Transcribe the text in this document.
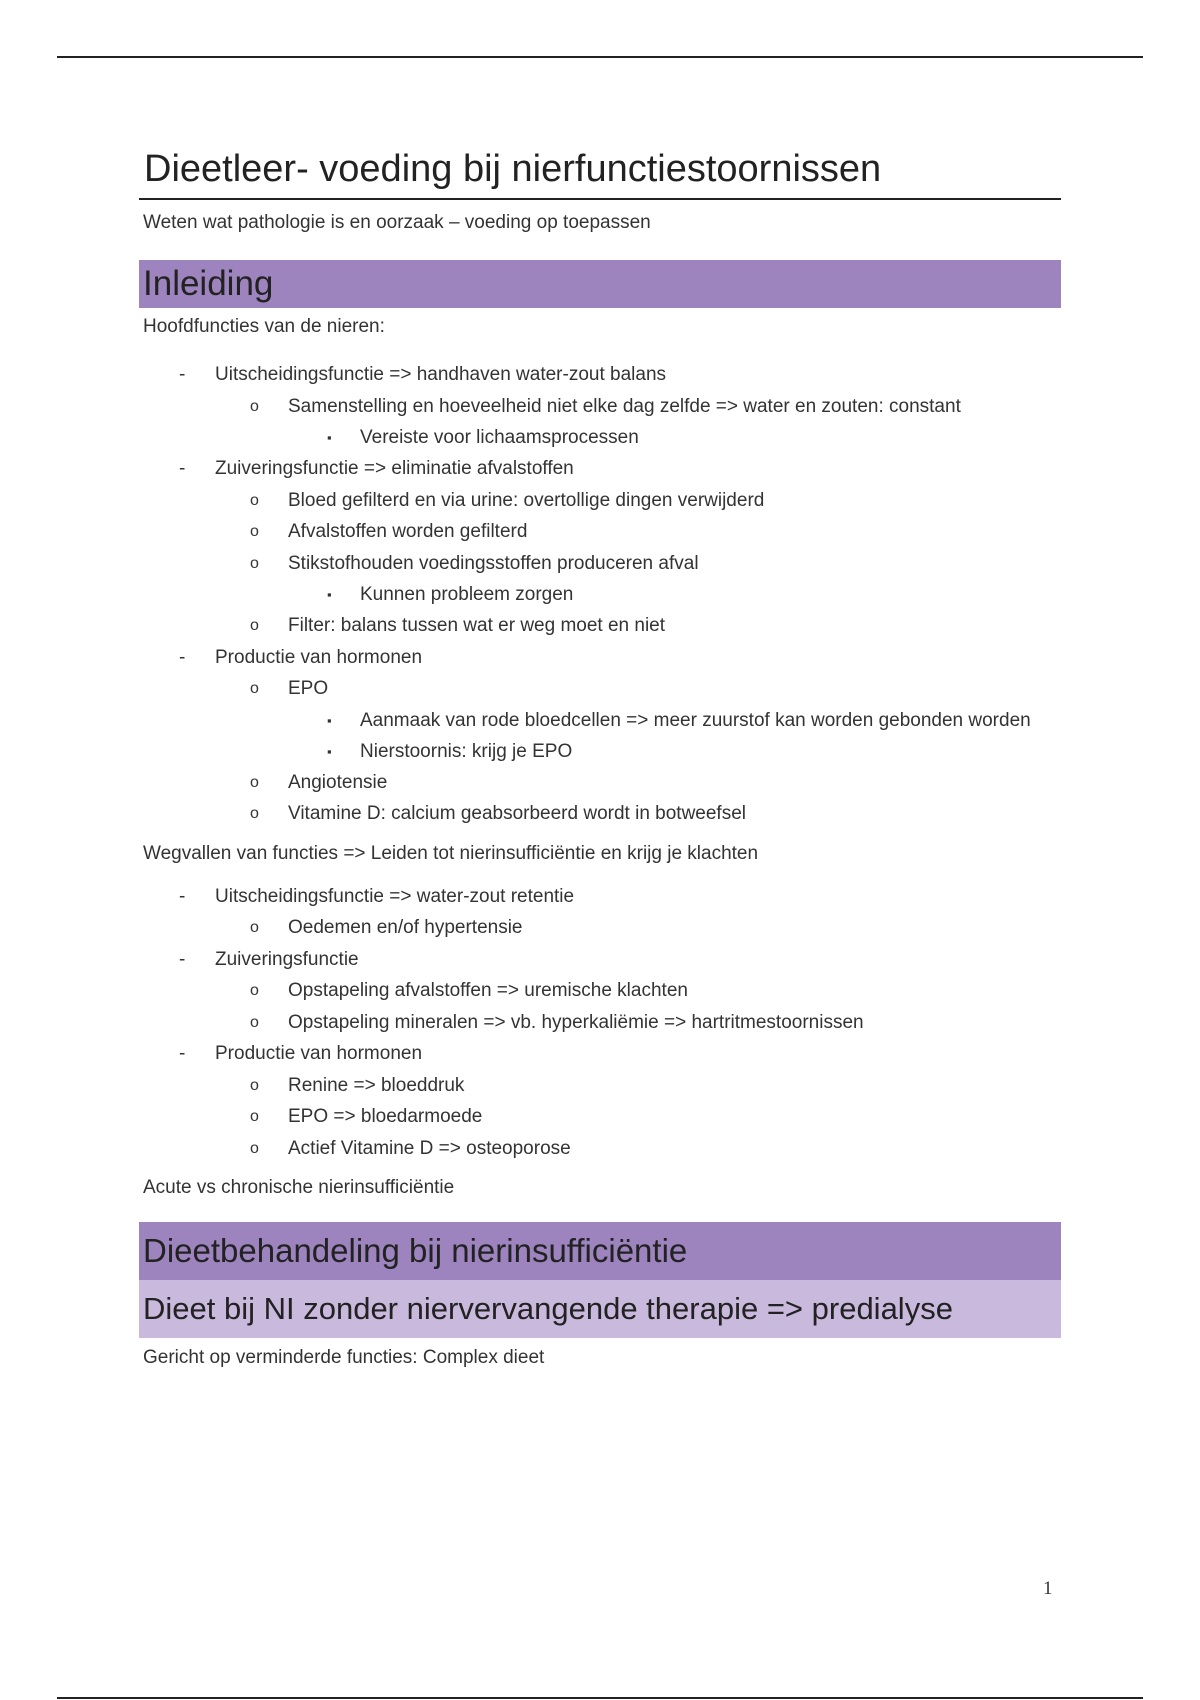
Dieetleer- voeding bij nierfunctiestoornissen
Weten wat pathologie is en oorzaak – voeding op toepassen
Inleiding

Hoofdfuncties van de nieren:

- Uitscheidingsfunctie => handhaven water-zout balans
o Samenstelling en hoeveelheid niet elke dag zelfde => water en zouten: constant
▪ Vereiste voor lichaamsprocessen
- Zuiveringsfunctie => eliminatie afvalstoffen
o Bloed gefilterd en via urine: overtollige dingen verwijderd
o Afvalstoffen worden gefilterd
o Stikstofhouden voedingsstoffen produceren afval
▪ Kunnen probleem zorgen
o Filter: balans tussen wat er weg moet en niet
- Productie van hormonen
o EPO
▪ Aanmaak van rode bloedcellen => meer zuurstof kan worden gebonden worden
▪ Nierstoornis: krijg je EPO
o Angiotensie
o Vitamine D: calcium geabsorbeerd wordt in botweefsel

Wegvallen van functies => Leiden tot nierinsufficiëntie en krijg je klachten

- Uitscheidingsfunctie => water-zout retentie
o Oedemen en/of hypertensie
- Zuiveringsfunctie
o Opstapeling afvalstoffen => uremische klachten
o Opstapeling mineralen => vb. hyperkaliëmie => hartritmestoornissen
- Productie van hormonen
o Renine => bloeddruk
o EPO => bloedarmoede
o Actief Vitamine D => osteoporose

Acute vs chronische nierinsufficiëntie

Dieetbehandeling bij nierinsufficiëntie
Dieet bij NI zonder niervervangende therapie => predialyse

Gericht op verminderde functies: Complex dieet

1
